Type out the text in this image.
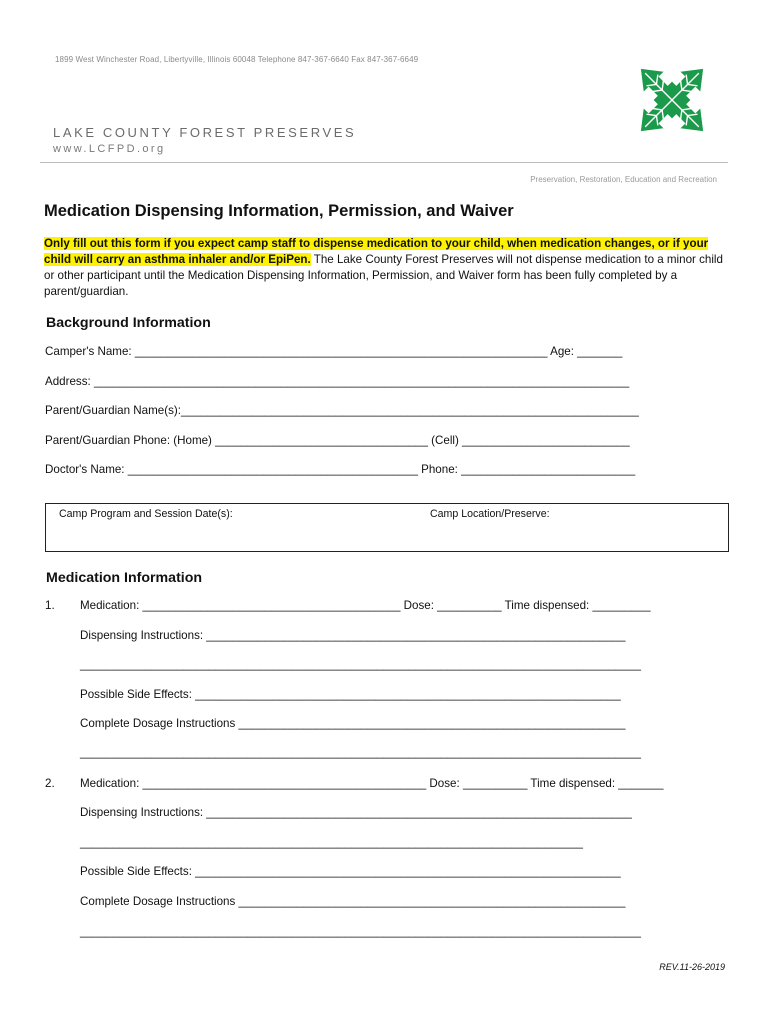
1899 West Winchester Road, Libertyville, Illinois 60048 Telephone 847-367-6640 Fax 847-367-6649
LAKE COUNTY FOREST PRESERVES
www.LCFPD.org
Preservation, Restoration, Education and Recreation
Medication Dispensing Information, Permission, and Waiver
Only fill out this form if you expect camp staff to dispense medication to your child, when medication changes, or if your child will carry an asthma inhaler and/or EpiPen. The Lake County Forest Preserves will not dispense medication to a minor child or other participant until the Medication Dispensing Information, Permission, and Waiver form has been fully completed by a parent/guardian.
Background Information
Camper's Name: ________________________________________________________________ Age: _______
Address: ___________________________________________________________________________________
Parent/Guardian Name(s):_______________________________________________________________________
Parent/Guardian Phone: (Home) _________________________________ (Cell) __________________________
Doctor's Name: _____________________________________________ Phone: ___________________________
Camp Program and Session Date(s):	Camp Location/Preserve:
Medication Information
1. Medication: ________________________________________ Dose: __________ Time dispensed: _________
Dispensing Instructions: _________________________________________________________________
_______________________________________________________________________________________
Possible Side Effects: __________________________________________________________________
Complete Dosage Instructions ____________________________________________________________
_______________________________________________________________________________________
2. Medication: ____________________________________________ Dose: __________ Time dispensed: _______
Dispensing Instructions: __________________________________________________________________
______________________________________________________________________________
Possible Side Effects: __________________________________________________________________
Complete Dosage Instructions ____________________________________________________________
_______________________________________________________________________________________
REV.11-26-2019
